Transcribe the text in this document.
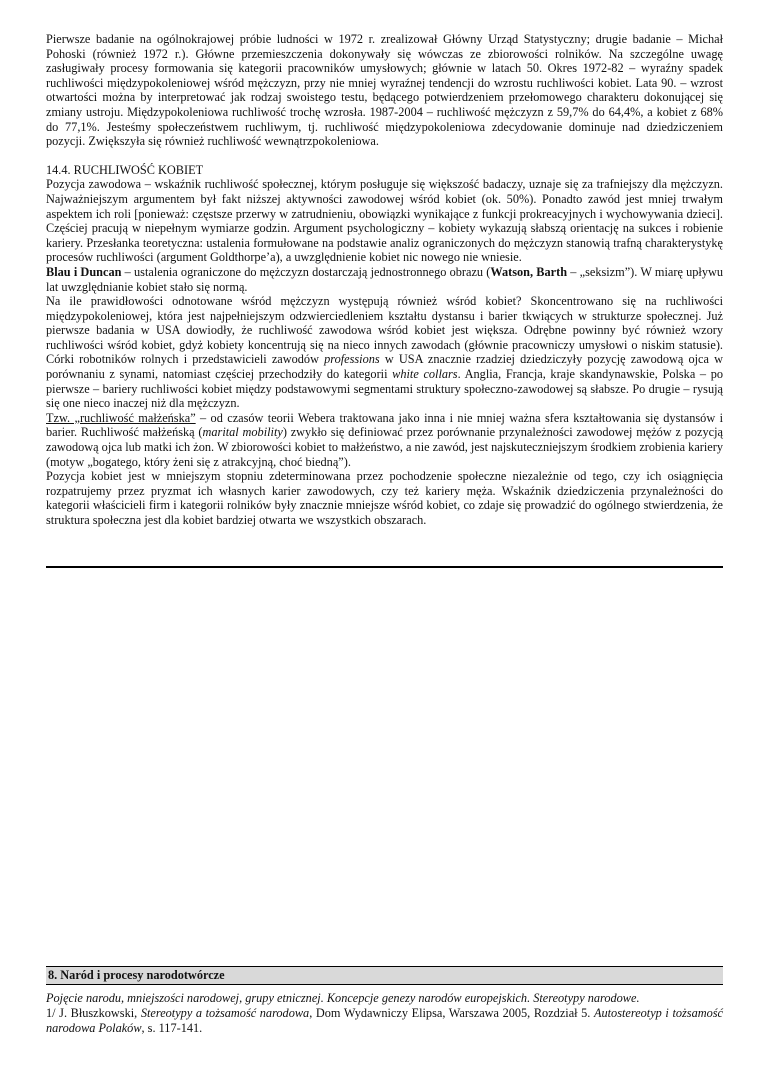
Pierwsze badanie na ogólnokrajowej próbie ludności w 1972 r. zrealizował Główny Urząd Statystyczny; drugie badanie – Michał Pohoski (również 1972 r.). Główne przemieszczenia dokonywały się wówczas ze zbiorowości rolników. Na szczególne uwagę zasługiwały procesy formowania się kategorii pracowników umysłowych; głównie w latach 50. Okres 1972-82 – wyraźny spadek ruchliwości międzypokoleniowej wśród mężczyzn, przy nie mniej wyraźnej tendencji do wzrostu ruchliwości kobiet. Lata 90. – wzrost otwartości można by interpretować jak rodzaj swoistego testu, będącego potwierdzeniem przełomowego charakteru dokonującej się zmiany ustroju. Międzypokoleniowa ruchliwość trochę wzrosła. 1987-2004 – ruchliwość mężczyzn z 59,7% do 64,4%, a kobiet z 68% do 77,1%. Jesteśmy społeczeństwem ruchliwym, tj. ruchliwość międzypokoleniowa zdecydowanie dominuje nad dziedziczeniem pozycji. Zwiększyła się również ruchliwość wewnątrzpokoleniowa.

14.4. RUCHLIWOŚĆ KOBIET

Pozycja zawodowa – wskaźnik ruchliwość społecznej, którym posługuje się większość badaczy, uznaje się za trafniejszy dla mężczyzn. Najważniejszym argumentem był fakt niższej aktywności zawodowej wśród kobiet (ok. 50%). Ponadto zawód jest mniej trwałym aspektem ich roli [ponieważ: częstsze przerwy w zatrudnieniu, obowiązki wynikające z funkcji prokreacyjnych i wychowywania dzieci]. Częściej pracują w niepełnym wymiarze godzin. Argument psychologiczny – kobiety wykazują słabszą orientację na sukces i robienie kariery. Przesłanka teoretyczna: ustalenia formułowane na podstawie analiz ograniczonych do mężczyzn stanowią trafną charakterystykę procesów ruchliwości (argument Goldthorpe’a), a uwzględnienie kobiet nic nowego nie wniesie.

Blau i Duncan – ustalenia ograniczone do mężczyzn dostarczają jednostronnego obrazu (Watson, Barth – „seksizm”). W miarę upływu lat uwzględnianie kobiet stało się normą.

Na ile prawidłowości odnotowane wśród mężczyzn występują również wśród kobiet? Skoncentrowano się na ruchliwości międzypokoleniowej, która jest najpełniejszym odzwierciedleniem kształtu dystansu i barier tkwiących w strukturze społecznej. Już pierwsze badania w USA dowiodły, że ruchliwość zawodowa wśród kobiet jest większa. Odrębne powinny być również wzory ruchliwości wśród kobiet, gdyż kobiety koncentrują się na nieco innych zawodach (głównie pracowniczy umysłowi o niskim statusie). Córki robotników rolnych i przedstawicieli zawodów professions w USA znacznie rzadziej dziedziczyły pozycję zawodową ojca w porównaniu z synami, natomiast częściej przechodziły do kategorii white collars. Anglia, Francja, kraje skandynawskie, Polska – po pierwsze – bariery ruchliwości kobiet między podstawowymi segmentami struktury społeczno-zawodowej są słabsze. Po drugie – rysują się one nieco inaczej niż dla mężczyzn.

Tzw. „ruchliwość małżeńska” – od czasów teorii Webera traktowana jako inna i nie mniej ważna sfera kształtowania się dystansów i barier. Ruchliwość małżeńską (marital mobility) zwykło się definiować przez porównanie przynależności zawodowej mężów z pozycją zawodową ojca lub matki ich żon. W zbiorowości kobiet to małżeństwo, a nie zawód, jest najskuteczniejszym środkiem zrobienia kariery (motyw „bogatego, który żeni się z atrakcyjną, choć biedną”).

Pozycja kobiet jest w mniejszym stopniu zdeterminowana przez pochodzenie społeczne niezależnie od tego, czy ich osiągnięcia rozpatrujemy przez pryzmat ich własnych karier zawodowych, czy też kariery męża. Wskaźnik dziedziczenia przynależności do kategorii właścicieli firm i kategorii rolników były znacznie mniejsze wśród kobiet, co zdaje się prowadzić do ogólnego stwierdzenia, że struktura społeczna jest dla kobiet bardziej otwarta we wszystkich obszarach.

8. Naród i procesy narodotwórcze

Pojęcie narodu, mniejszości narodowej, grupy etnicznej. Koncepcje genezy narodów europejskich. Stereotypy narodowe.

1/ J. Błuszkowski, Stereotypy a tożsamość narodowa, Dom Wydawniczy Elipsa, Warszawa 2005, Rozdział 5. Autostereotyp i tożsamość narodowa Polaków, s. 117-141.
